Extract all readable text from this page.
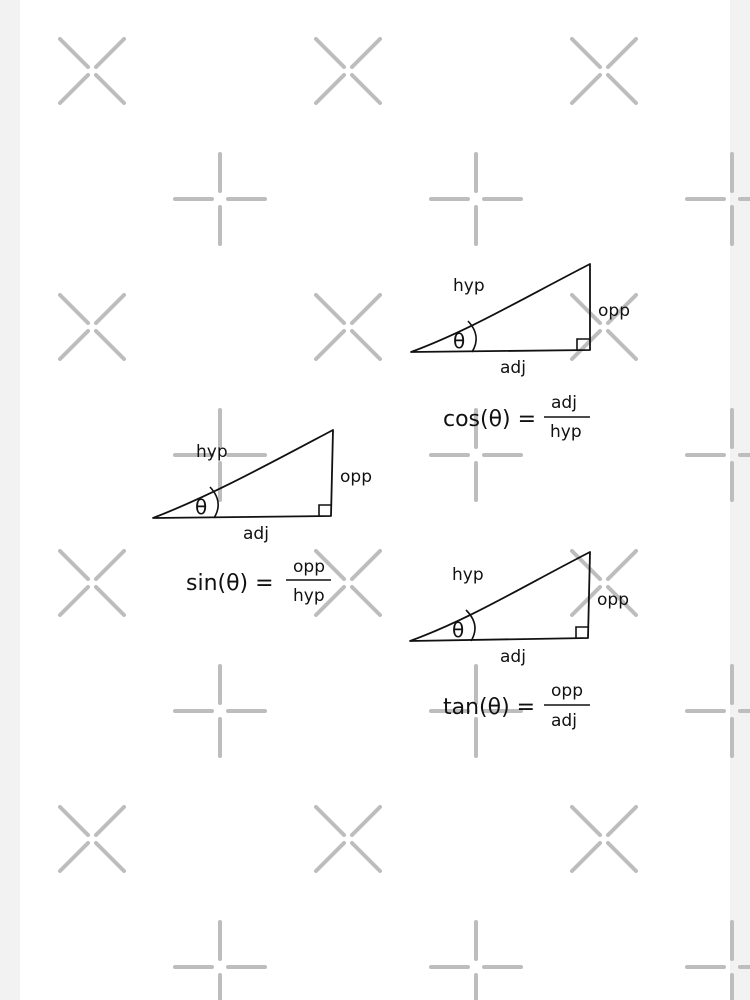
θ
hyp
opp
adj
cos(θ) =
adj
hyp
θ
hyp
opp
adj
sin(θ) =
opp
hyp
θ
hyp
opp
adj
tan(θ) =
opp
adj
